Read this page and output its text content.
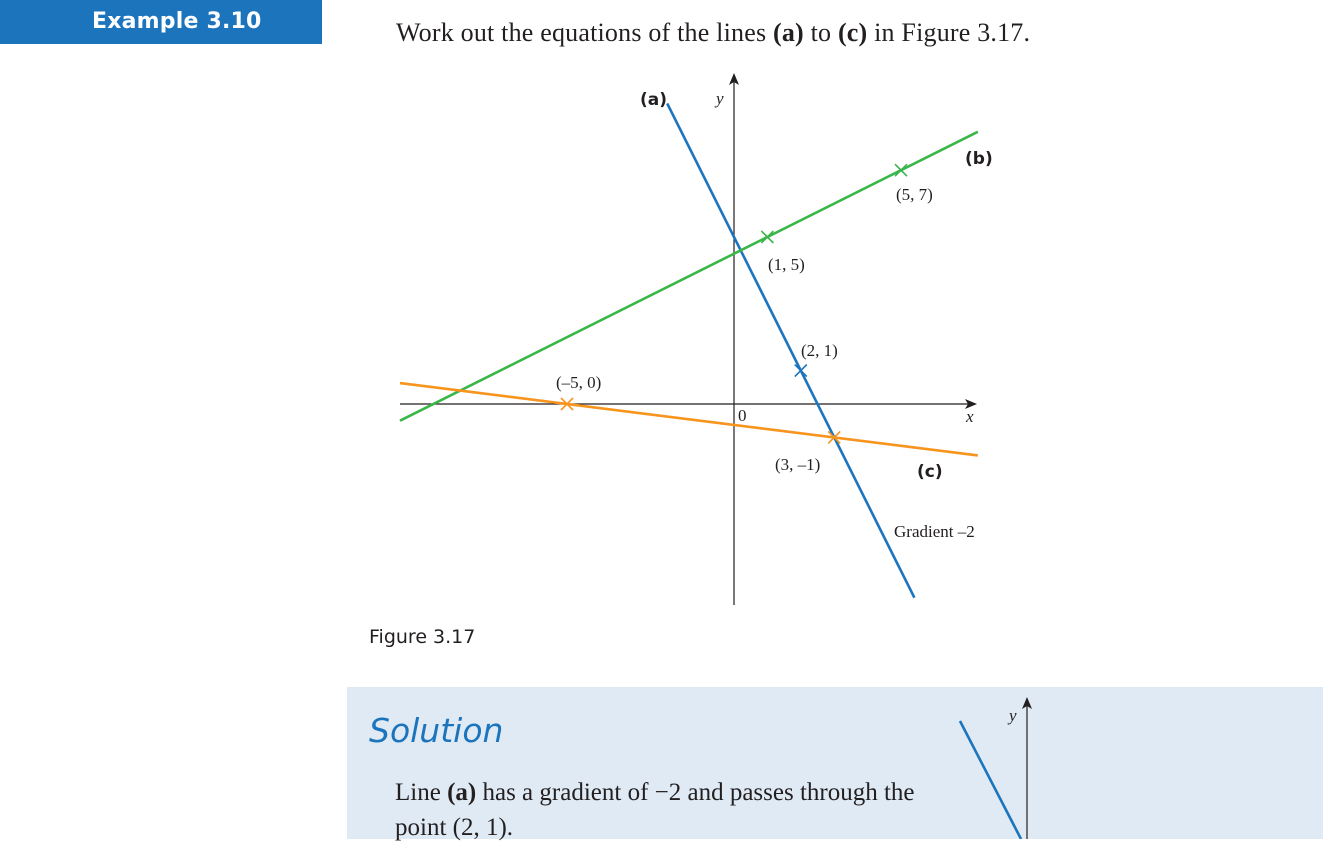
Example 3.10	Work out the equations of the lines (a) to (c) in Figure 3.17.
x
y
0
(a)
(b)
(c)
(2, 1)
(1, 5)
(5, 7)
(–5, 0)
(3, –1)
Gradient –2
Figure 3.17
Solution
Line (a) has a gradient of −2 and passes through the point (2, 1).
y
